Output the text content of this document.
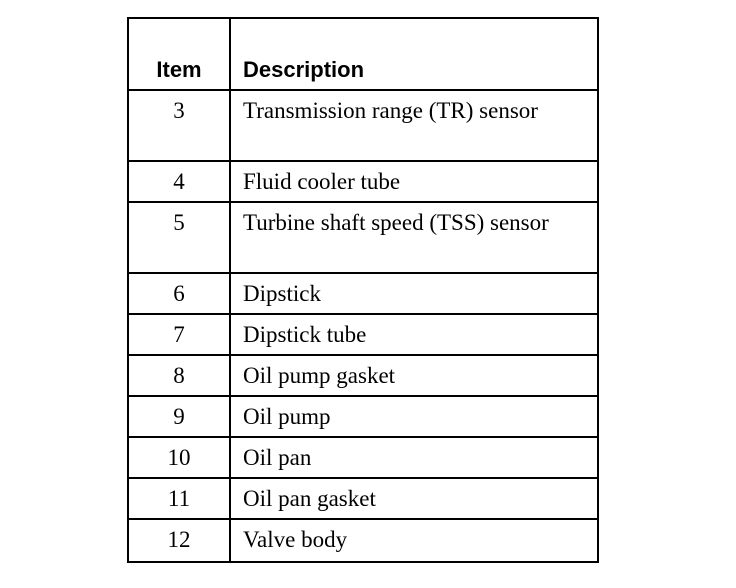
Item	Description
3	Transmission range (TR) sensor
4	Fluid cooler tube
5	Turbine shaft speed (TSS) sensor
6	Dipstick
7	Dipstick tube
8	Oil pump gasket
9	Oil pump
10	Oil pan
11	Oil pan gasket
12	Valve body
